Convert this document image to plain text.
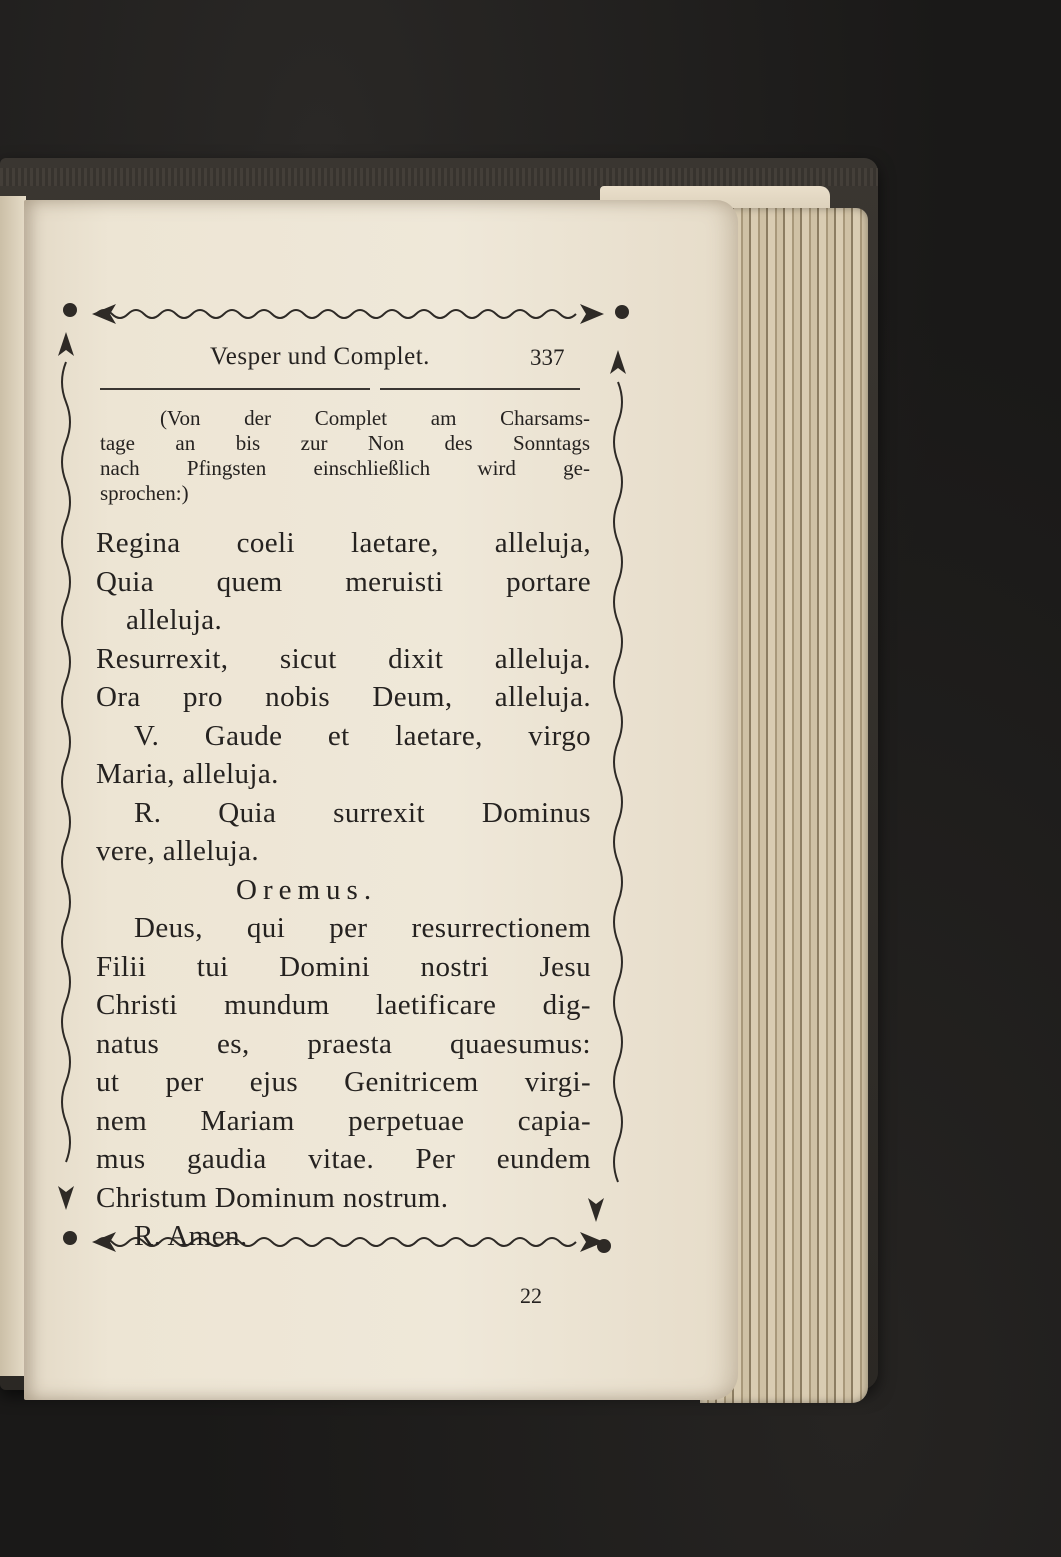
Vesper und Complet.	337
(Von der Complet am Charsams-
tage an bis zur Non des Sonntags
nach Pfingsten einschließlich wird ge-
sprochen:)
Regina coeli laetare, alleluja,
Quia quem meruisti portare
alleluja.
Resurrexit, sicut dixit alleluja.
Ora pro nobis Deum, alleluja.
V. Gaude et laetare, virgo
Maria, alleluja.
R. Quia surrexit Dominus
vere, alleluja.
Oremus.
Deus, qui per resurrectionem
Filii tui Domini nostri Jesu
Christi mundum laetificare dig-
natus es, praesta quaesumus:
ut per ejus Genitricem virgi-
nem Mariam perpetuae capia-
mus gaudia vitae. Per eundem
Christum Dominum nostrum.
R. Amen.
22
